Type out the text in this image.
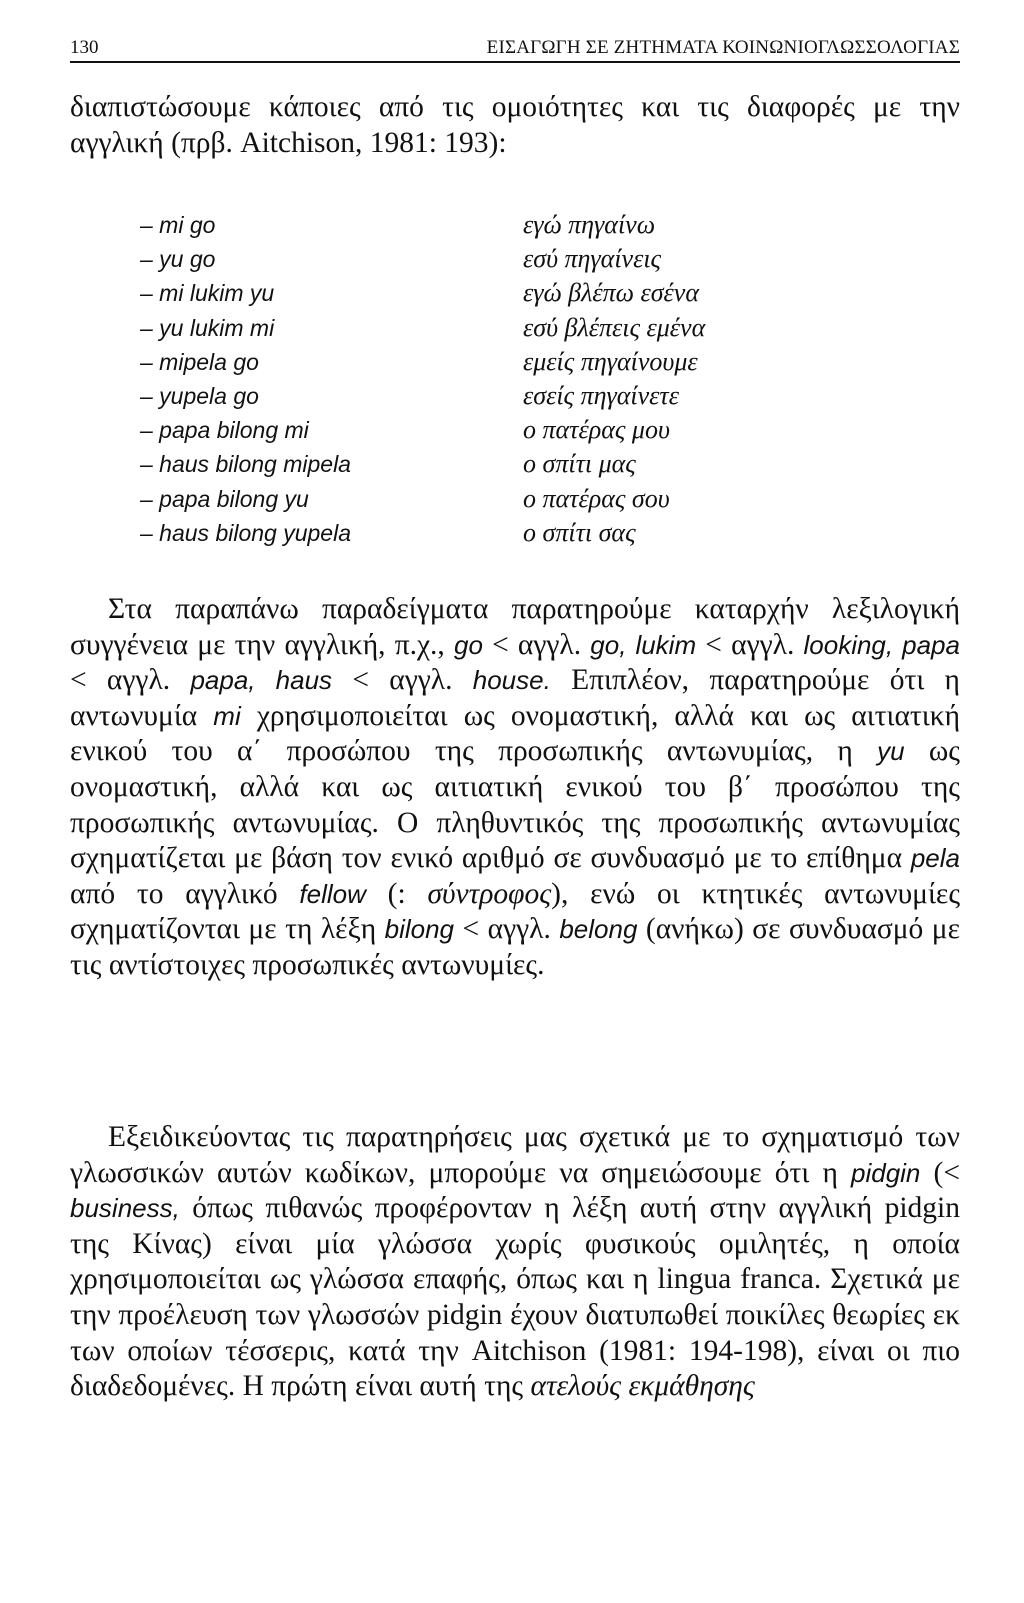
130	ΕΙΣΑΓΩΓΗ ΣΕ ΖΗΤΗΜΑΤΑ ΚΟΙΝΩΝΙΟΓΛΩΣΣΟΛΟΓΙΑΣ
διαπιστώσουμε κάποιες από τις ομοιότητες και τις διαφορές με την αγγλική (πρβ. Aitchison, 1981: 193):
– mi go	εγώ πηγαίνω
– yu go	εσύ πηγαίνεις
– mi lukim yu	εγώ βλέπω εσένα
– yu lukim mi	εσύ βλέπεις εμένα
– mipela go	εμείς πηγαίνουμε
– yupela go	εσείς πηγαίνετε
– papa bilong mi	ο πατέρας μου
– haus bilong mipela	ο σπίτι μας
– papa bilong yu	ο πατέρας σου
– haus bilong yupela	ο σπίτι σας
Στα παραπάνω παραδείγματα παρατηρούμε καταρχήν λεξιλογική συγγένεια με την αγγλική, π.χ., go < αγγλ. go, lukim < αγγλ. looking, papa < αγγλ. papa, haus < αγγλ. house. Επιπλέον, παρατηρούμε ότι η αντωνυμία mi χρησιμοποιείται ως ονομαστική, αλλά και ως αιτιατική ενικού του α΄ προσώπου της προσωπικής αντωνυμίας, η yu ως ονομαστική, αλλά και ως αιτιατική ενικού του β΄ προσώπου της προσωπικής αντωνυμίας. Ο πληθυντικός της προσωπικής αντωνυμίας σχηματίζεται με βάση τον ενικό αριθμό σε συνδυασμό με το επίθημα pela από το αγγλικό fellow (: σύντροφος), ενώ οι κτητικές αντωνυμίες σχηματίζονται με τη λέξη bilong < αγγλ. belong (ανήκω) σε συνδυασμό με τις αντίστοιχες προσωπικές αντωνυμίες.
Εξειδικεύοντας τις παρατηρήσεις μας σχετικά με το σχηματισμό των γλωσσικών αυτών κωδίκων, μπορούμε να σημειώσουμε ότι η pidgin (< business, όπως πιθανώς προφέρονταν η λέξη αυτή στην αγγλική pidgin της Κίνας) είναι μία γλώσσα χωρίς φυσικούς ομιλητές, η οποία χρησιμοποιείται ως γλώσσα επαφής, όπως και η lingua franca. Σχετικά με την προέλευση των γλωσσών pidgin έχουν διατυπωθεί ποικίλες θεωρίες εκ των οποίων τέσσερις, κατά την Aitchison (1981: 194-198), είναι οι πιο διαδεδομένες. Η πρώτη είναι αυτή της ατελούς εκμάθησης
